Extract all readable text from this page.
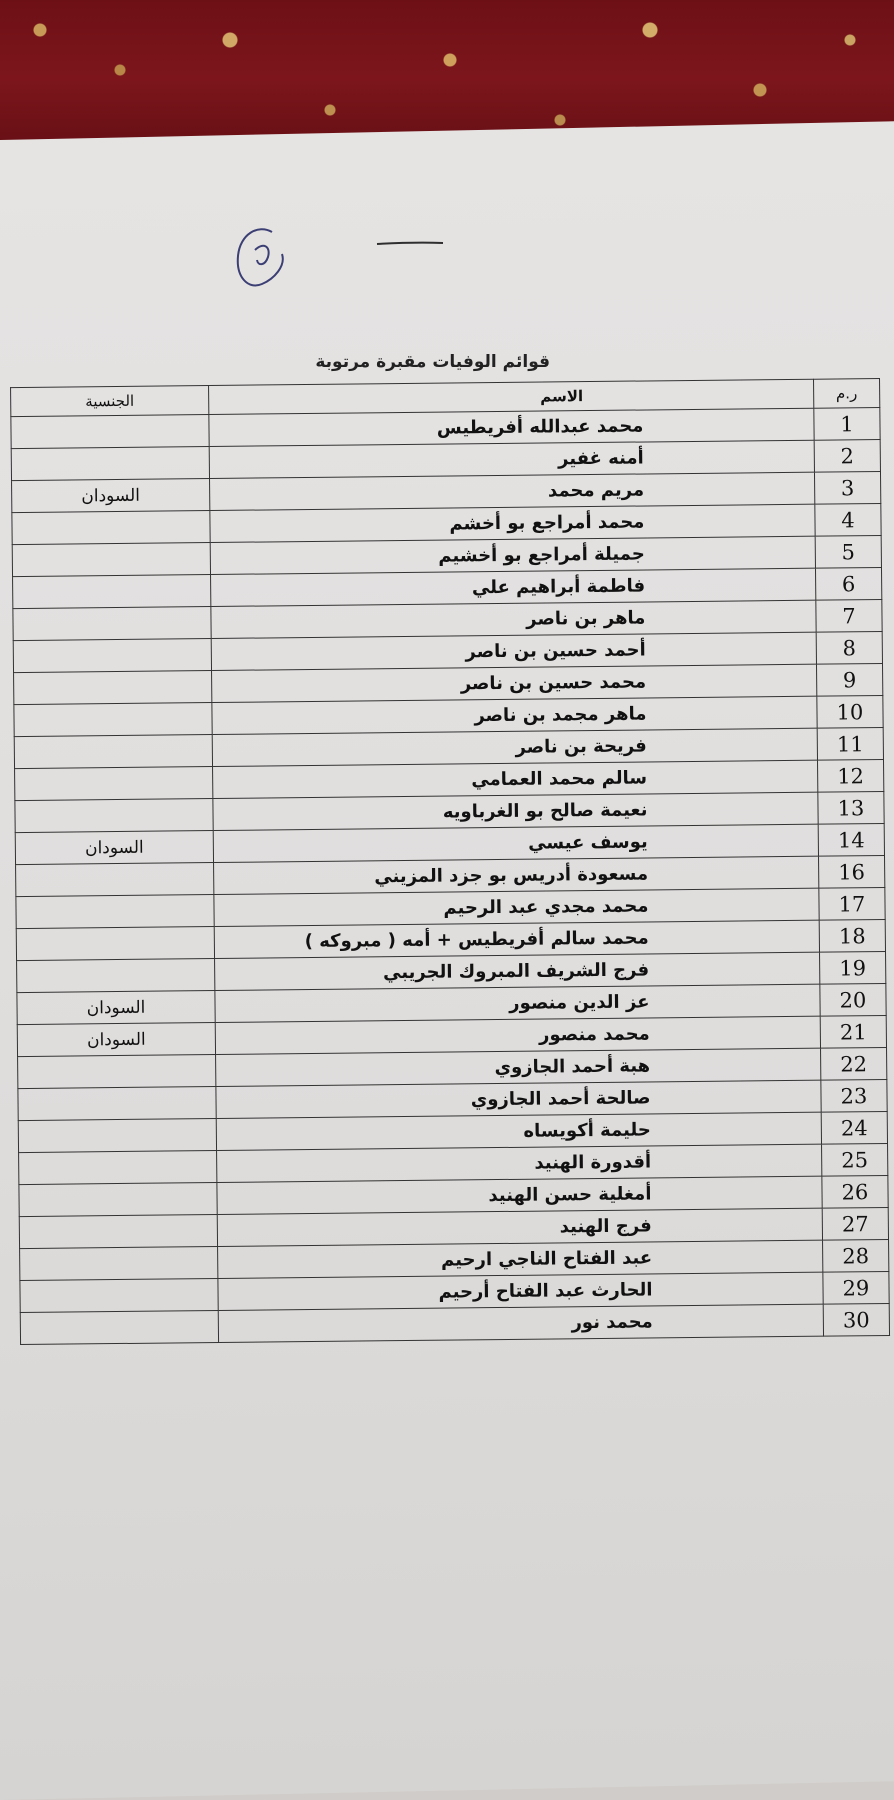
قوائم الوفيات مقبرة مرتوبة
الجنسية	الاسم	ر.م
	محمد عبدالله أفريطيس	1
	أمنه غفير	2
السودان	مريم محمد	3
	محمد أمراجع بو أخشم	4
	جميلة أمراجع بو أخشيم	5
	فاطمة أبراهيم علي	6
	ماهر بن ناصر	7
	أحمد حسين بن ناصر	8
	محمد حسين بن ناصر	9
	ماهر مجمد بن ناصر	10
	فريحة بن ناصر	11
	سالم محمد العمامي	12
	نعيمة صالح بو الغرباويه	13
السودان	يوسف عيسي	14
	مسعودة أدريس بو جزد المزيني	16
	محمد مجدي عبد الرحيم	17
	محمد سالم أفريطيس + أمه ( مبروكه )	18
	فرج الشريف المبروك الجريبي	19
السودان	عز الدين منصور	20
السودان	محمد منصور	21
	هبة أحمد الجازوي	22
	صالحة أحمد الجازوي	23
	حليمة أكويساه	24
	أقدورة الهنيد	25
	أمغلية حسن الهنيد	26
	فرج الهنيد	27
	عبد الفتاح الناجي ارحيم	28
	الحارث عبد الفتاح أرحيم	29
	محمد نور	30
